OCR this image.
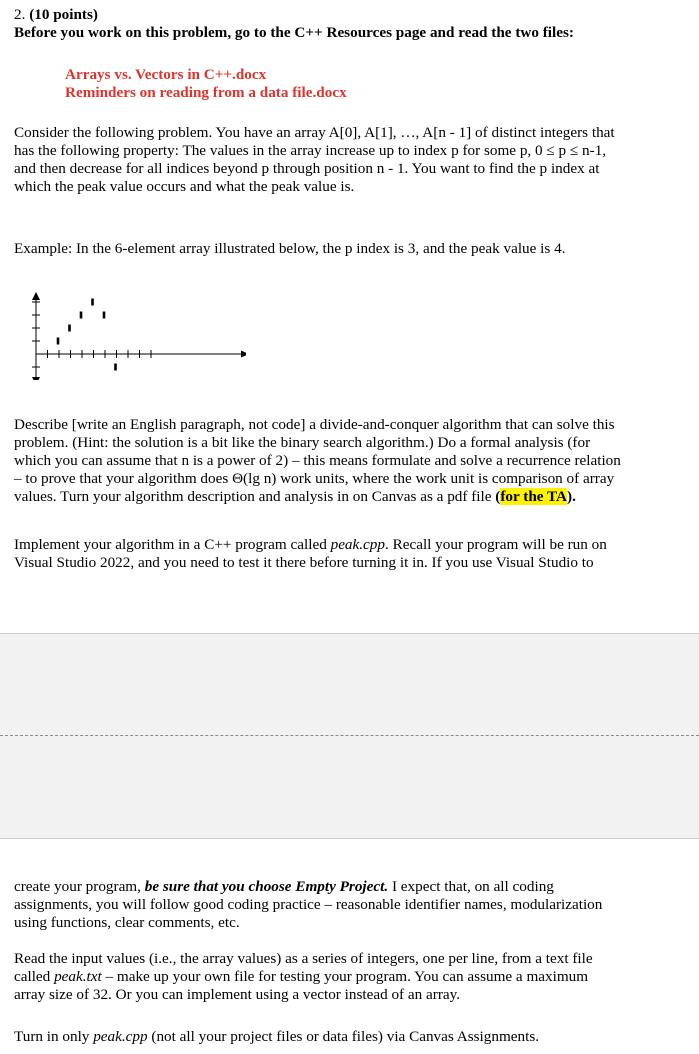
2. (10 points)
Before you work on this problem, go to the C++ Resources page and read the two files:
Arrays vs. Vectors in C++.docx
Reminders on reading from a data file.docx
Consider the following problem. You have an array A[0], A[1], …, A[n - 1] of distinct integers that
has the following property: The values in the array increase up to index p for some p, 0 ≤ p ≤ n-1,
and then decrease for all indices beyond p through position n - 1. You want to find the p index at
which the peak value occurs and what the peak value is.
Example: In the 6-element array illustrated below, the p index is 3, and the peak value is 4.
Describe [write an English paragraph, not code] a divide-and-conquer algorithm that can solve this
problem. (Hint: the solution is a bit like the binary search algorithm.) Do a formal analysis (for
which you can assume that n is a power of 2) – this means formulate and solve a recurrence relation
– to prove that your algorithm does Θ(lg n) work units, where the work unit is comparison of array
values. Turn your algorithm description and analysis in on Canvas as a pdf file (for the TA).
Implement your algorithm in a C++ program called peak.cpp. Recall your program will be run on
Visual Studio 2022, and you need to test it there before turning it in. If you use Visual Studio to
create your program, be sure that you choose Empty Project. I expect that, on all coding
assignments, you will follow good coding practice – reasonable identifier names, modularization
using functions, clear comments, etc.
Read the input values (i.e., the array values) as a series of integers, one per line, from a text file
called peak.txt – make up your own file for testing your program. You can assume a maximum
array size of 32. Or you can implement using a vector instead of an array.
Turn in only peak.cpp (not all your project files or data files) via Canvas Assignments.
